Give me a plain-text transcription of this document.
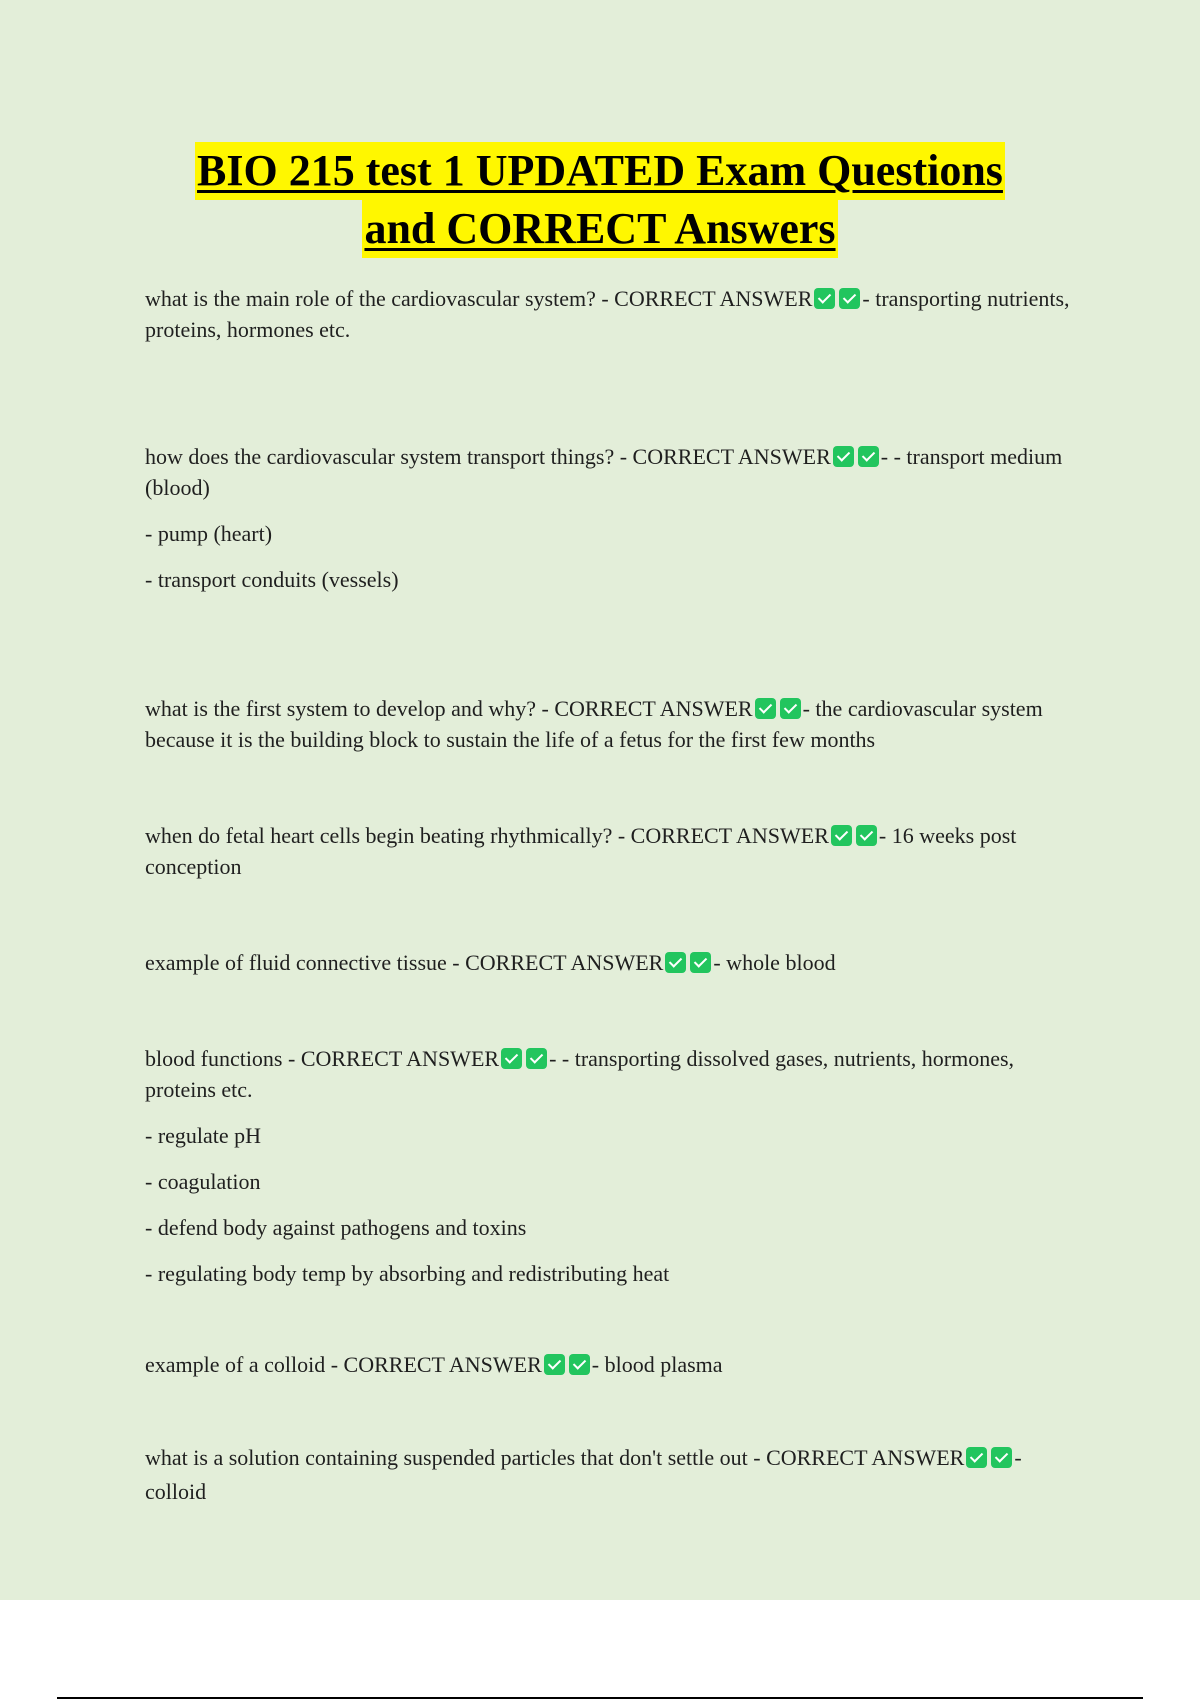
BIO 215 test 1 UPDATED Exam Questions
and CORRECT Answers

what is the main role of the cardiovascular system? - CORRECT ANSWER - transporting nutrients, proteins, hormones etc.

how does the cardiovascular system transport things? - CORRECT ANSWER - - transport medium (blood)

- pump (heart)

- transport conduits (vessels)

what is the first system to develop and why? - CORRECT ANSWER - the cardiovascular system because it is the building block to sustain the life of a fetus for the first few months

when do fetal heart cells begin beating rhythmically? - CORRECT ANSWER - 16 weeks post conception

example of fluid connective tissue - CORRECT ANSWER - whole blood

blood functions - CORRECT ANSWER - - transporting dissolved gases, nutrients, hormones, proteins etc.

- regulate pH

- coagulation

- defend body against pathogens and toxins

- regulating body temp by absorbing and redistributing heat

example of a colloid - CORRECT ANSWER - blood plasma

what is a solution containing suspended particles that don't settle out - CORRECT ANSWER - colloid
